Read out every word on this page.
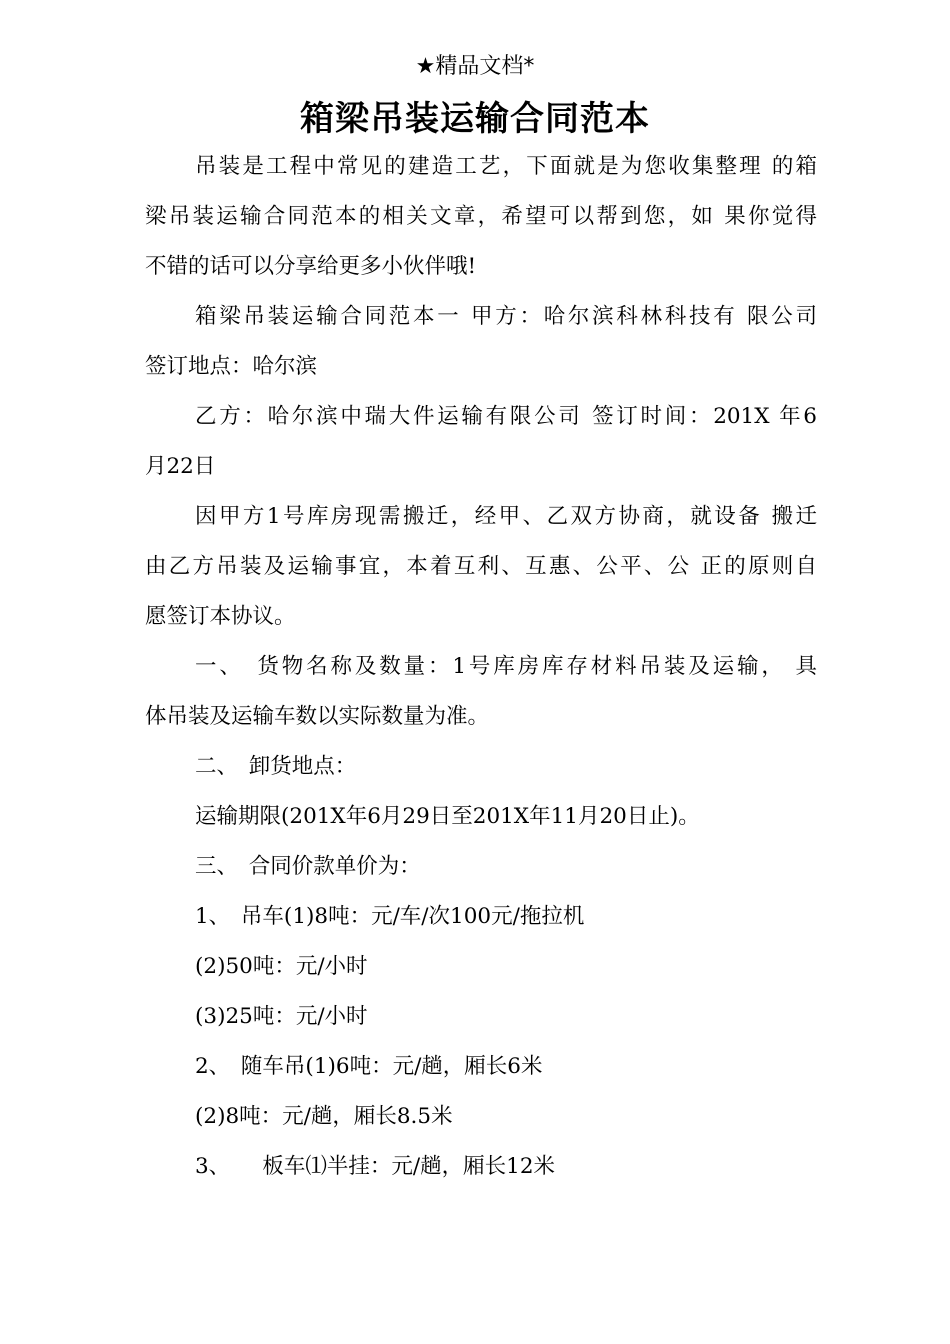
★精品文档*
箱梁吊装运输合同范本
吊装是工程中常见的建造工艺，下面就是为您收集整理 的箱
梁吊装运输合同范本的相关文章，希望可以帮到您，如 果你觉得
不错的话可以分享给更多小伙伴哦!
箱梁吊装运输合同范本一 甲方：哈尔滨科林科技有 限公司
签订地点：哈尔滨
乙方：哈尔滨中瑞大件运输有限公司 签订时间：201X 年6
月22日
因甲方1号库房现需搬迁，经甲、乙双方协商，就设备 搬迁
由乙方吊装及运输事宜，本着互利、互惠、公平、公 正的原则自
愿签订本协议。
一、　货物名称及数量：1号库房库存材料吊装及运输， 具
体吊装及运输车数以实际数量为准。
二、　卸货地点：
运输期限(201X年6月29日至201X年11月20日止)。
三、　合同价款单价为：
1、　吊车(1)8吨：元/车/次100元/拖拉机
(2)50吨：元/小时
(3)25吨：元/小时
2、　随车吊(1)6吨：元/趟，厢长6米
(2)8吨：元/趟，厢长8.5米
3、　　板车⑴半挂：元/趟，厢长12米
